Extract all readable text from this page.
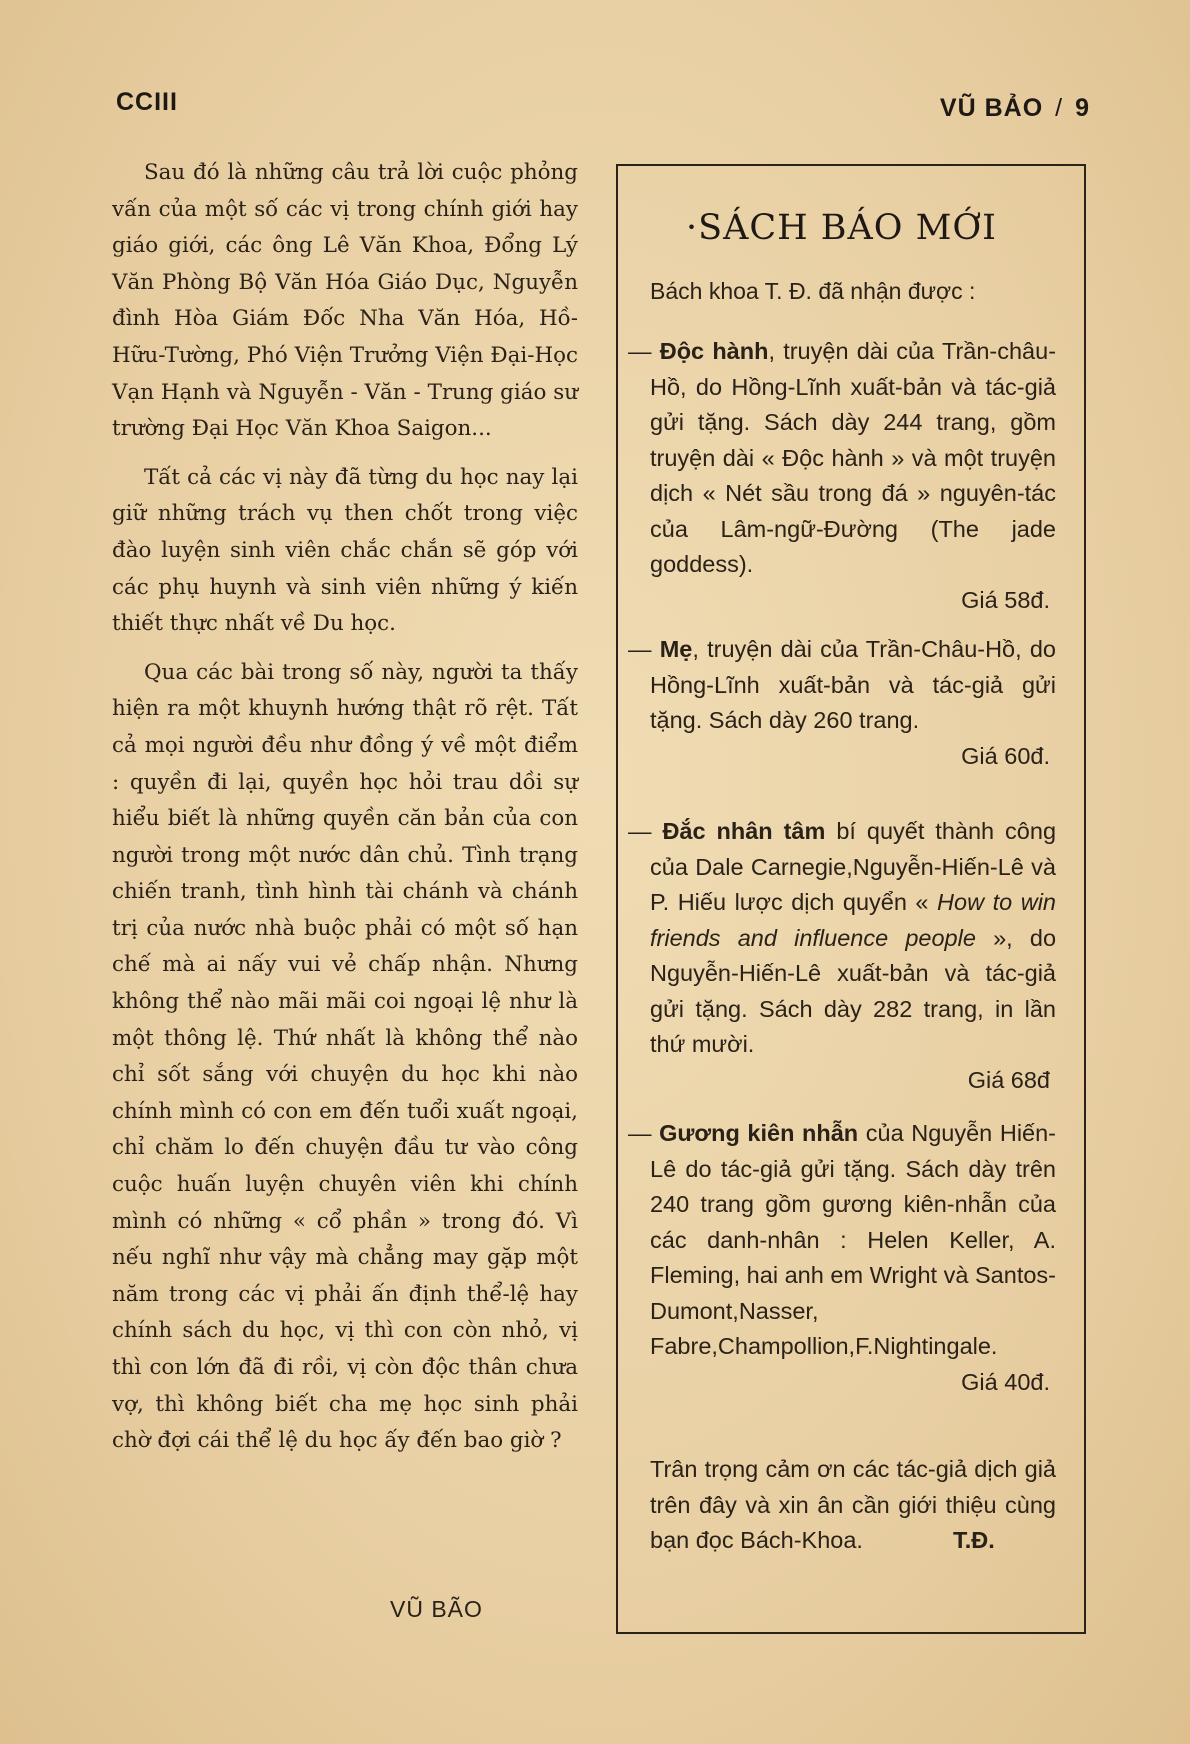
CCIII	VŨ BẢO / 9

Sau đó là những câu trả lời cuộc phỏng vấn của một số các vị trong chính giới hay giáo giới, các ông Lê Văn Khoa, Đổng Lý Văn Phòng Bộ Văn Hóa Giáo Dục, Nguyễn đình Hòa Giám Đốc Nha Văn Hóa, Hồ-Hữu-Tường, Phó Viện Trưởng Viện Đại-Học Vạn Hạnh và Nguyễn - Văn - Trung giáo sư trường Đại Học Văn Khoa Saigon...

Tất cả các vị này đã từng du học nay lại giữ những trách vụ then chốt trong việc đào luyện sinh viên chắc chắn sẽ góp với các phụ huynh và sinh viên những ý kiến thiết thực nhất về Du học.

Qua các bài trong số này, người ta thấy hiện ra một khuynh hướng thật rõ rệt. Tất cả mọi người đều như đồng ý về một điểm : quyền đi lại, quyền học hỏi trau dồi sự hiểu biết là những quyền căn bản của con người trong một nước dân chủ. Tình trạng chiến tranh, tình hình tài chánh và chánh trị của nước nhà buộc phải có một số hạn chế mà ai nấy vui vẻ chấp nhận. Nhưng không thể nào mãi mãi coi ngoại lệ như là một thông lệ. Thứ nhất là không thể nào chỉ sốt sắng với chuyện du học khi nào chính mình có con em đến tuổi xuất ngoại, chỉ chăm lo đến chuyện đầu tư vào công cuộc huấn luyện chuyên viên khi chính mình có những « cổ phần » trong đó. Vì nếu nghĩ như vậy mà chẳng may gặp một năm trong các vị phải ấn định thể-lệ hay chính sách du học, vị thì con còn nhỏ, vị thì con lớn đã đi rồi, vị còn độc thân chưa vợ, thì không biết cha mẹ học sinh phải chờ đợi cái thể lệ du học ấy đến bao giờ ?

VŨ BÃO
·SÁCH BÁO MỚI
Bách khoa T. Đ. đã nhận được :
— Độc hành, truyện dài của Trần-châu-Hồ, do Hồng-Lĩnh xuất-bản và tác-giả gửi tặng. Sách dày 244 trang, gồm truyện dài « Độc hành » và một truyện dịch « Nét sầu trong đá » nguyên-tác của Lâm-ngữ-Đường (The jade goddess).
Giá 58đ.
— Mẹ, truyện dài của Trần-Châu-Hồ, do Hồng-Lĩnh xuất-bản và tác-giả gửi tặng. Sách dày 260 trang.
Giá 60đ.
— Đắc nhân tâm bí quyết thành công của Dale Carnegie,Nguyễn-Hiến-Lê và P. Hiếu lược dịch quyển « How to win friends and influence people », do Nguyễn-Hiến-Lê xuất-bản và tác-giả gửi tặng. Sách dày 282 trang, in lần thứ mười.
Giá 68đ
— Gương kiên nhẫn của Nguyễn Hiến-Lê do tác-giả gửi tặng. Sách dày trên 240 trang gồm gương kiên-nhẫn của các danh-nhân : Helen Keller, A. Fleming, hai anh em Wright và Santos-Dumont,Nasser, Fabre,Champollion,F.Nightingale.
Giá 40đ.
Trân trọng cảm ơn các tác-giả dịch giả trên đây và xin ân cần giới thiệu cùng bạn đọc Bách-Khoa.	T.Đ.
